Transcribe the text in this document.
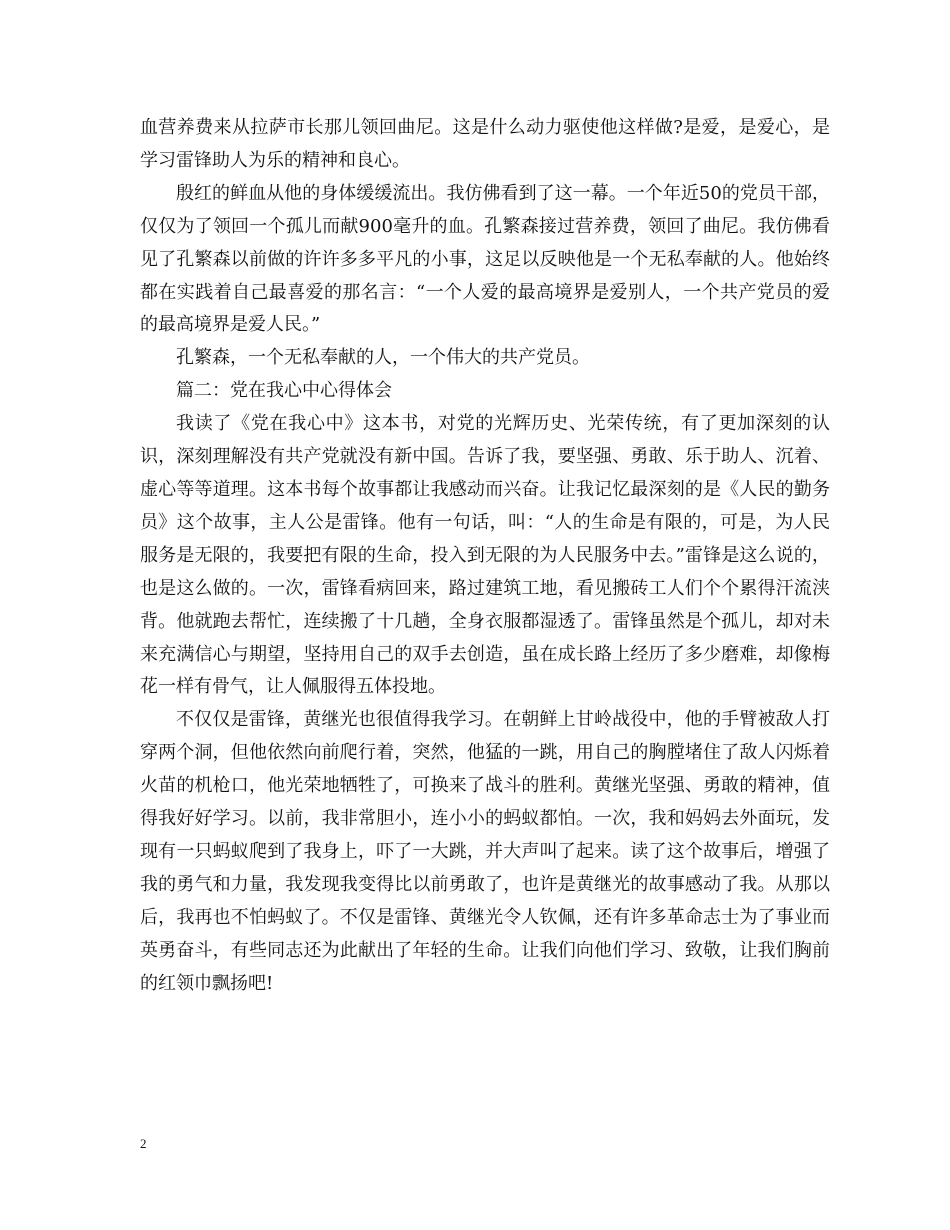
血营养费来从拉萨市长那儿领回曲尼。这是什么动力驱使他这样做?是爱，是爱心，是学习雷锋助人为乐的精神和良心。

殷红的鲜血从他的身体缓缓流出。我仿佛看到了这一幕。一个年近50的党员干部，仅仅为了领回一个孤儿而献900毫升的血。孔繁森接过营养费，领回了曲尼。我仿佛看见了孔繁森以前做的许许多多平凡的小事，这足以反映他是一个无私奉献的人。他始终都在实践着自己最喜爱的那名言：“一个人爱的最高境界是爱别人，一个共产党员的爱的最高境界是爱人民。”

孔繁森，一个无私奉献的人，一个伟大的共产党员。

篇二：党在我心中心得体会

我读了《党在我心中》这本书，对党的光辉历史、光荣传统，有了更加深刻的认识，深刻理解没有共产党就没有新中国。告诉了我，要坚强、勇敢、乐于助人、沉着、虚心等等道理。这本书每个故事都让我感动而兴奋。让我记忆最深刻的是《人民的勤务员》这个故事，主人公是雷锋。他有一句话，叫：“人的生命是有限的，可是，为人民服务是无限的，我要把有限的生命，投入到无限的为人民服务中去。”雷锋是这么说的，也是这么做的。一次，雷锋看病回来，路过建筑工地，看见搬砖工人们个个累得汗流浃背。他就跑去帮忙，连续搬了十几趟，全身衣服都湿透了。雷锋虽然是个孤儿，却对未来充满信心与期望，坚持用自己的双手去创造，虽在成长路上经历了多少磨难，却像梅花一样有骨气，让人佩服得五体投地。

不仅仅是雷锋，黄继光也很值得我学习。在朝鲜上甘岭战役中，他的手臂被敌人打穿两个洞，但他依然向前爬行着，突然，他猛的一跳，用自己的胸膛堵住了敌人闪烁着火苗的机枪口，他光荣地牺牲了，可换来了战斗的胜利。黄继光坚强、勇敢的精神，值得我好好学习。以前，我非常胆小，连小小的蚂蚁都怕。一次，我和妈妈去外面玩，发现有一只蚂蚁爬到了我身上，吓了一大跳，并大声叫了起来。读了这个故事后，增强了我的勇气和力量，我发现我变得比以前勇敢了，也许是黄继光的故事感动了我。从那以后，我再也不怕蚂蚁了。不仅是雷锋、黄继光令人钦佩，还有许多革命志士为了事业而英勇奋斗，有些同志还为此献出了年轻的生命。让我们向他们学习、致敬，让我们胸前的红领巾飘扬吧!

2
